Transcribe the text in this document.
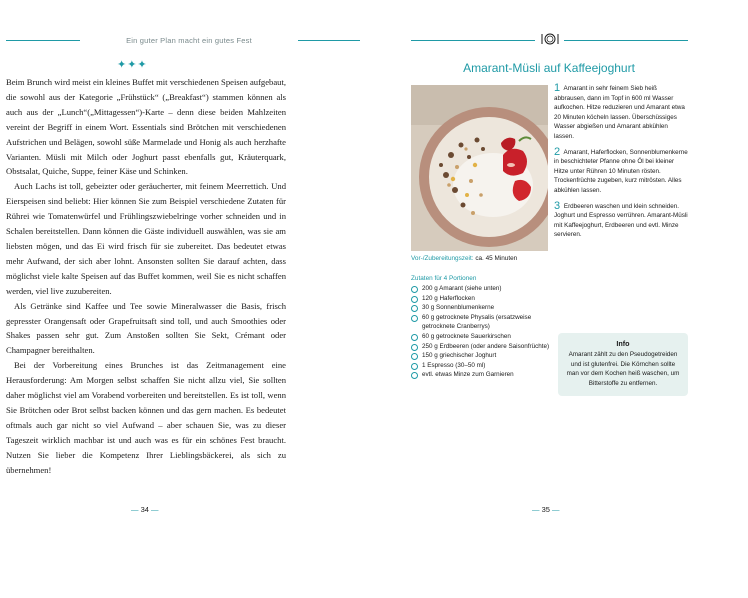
Ein guter Plan macht ein gutes Fest
✦✦✦

Beim Brunch wird meist ein kleines Buffet mit verschiedenen Speisen aufgebaut, die sowohl aus der Kategorie „Frühstück“ („Breakfast“) stammen können als auch aus der „Lunch“(„Mittagessen“)-Karte – denn diese beiden Mahlzeiten vereint der Begriff in einem Wort. Essentials sind Brötchen mit verschiedenen Aufstrichen und Belägen, sowohl süße Marmelade und Honig als auch herzhafte Varianten. Müsli mit Milch oder Joghurt passt ebenfalls gut, Kräuterquark, Obstsalat, Quiche, Suppe, feiner Käse und Schinken.

Auch Lachs ist toll, gebeizter oder geräucherter, mit feinem Meerrettich. Und Eierspeisen sind beliebt: Hier können Sie zum Beispiel verschiedene Zutaten für Rührei wie Tomatenwürfel und Frühlingszwiebelringe vorher schneiden und in Schalen bereitstellen. Dann können die Gäste individuell auswählen, was sie am liebsten mögen, und das Ei wird frisch für sie zubereitet. Das bedeutet etwas mehr Aufwand, der sich aber lohnt. Ansonsten sollten Sie darauf achten, dass möglichst viele kalte Speisen auf das Buffet kommen, weil Sie es nicht schaffen werden, viel live zuzubereiten.

Als Getränke sind Kaffee und Tee sowie Mineralwasser die Basis, frisch gepresster Orangensaft oder Grapefruitsaft sind toll, und auch Smoothies oder Shakes passen sehr gut. Zum Anstoßen sollten Sie Sekt, Crémant oder Champagner bereithalten.

Bei der Vorbereitung eines Brunches ist das Zeitmanagement eine Herausforderung: Am Morgen selbst schaffen Sie nicht allzu viel, Sie sollten daher möglichst viel am Vorabend vorbereiten und bereitstellen. Es ist toll, wenn Sie Brötchen oder Brot selbst backen können und das gern machen. Es bedeutet oftmals auch gar nicht so viel Aufwand – aber schauen Sie, was zu dieser Tageszeit wirklich machbar ist und auch was es für ein schönes Fest braucht. Nutzen Sie lieber die Kompetenz Ihrer Lieblingsbäckerei, als sich zu übernehmen!

— 34 —
Amarant-Müsli auf Kaffeejoghurt
Vor-/Zubereitungszeit: ca. 45 Minuten
Zutaten für 4 Portionen
200 g Amarant (siehe unten)
120 g Haferflocken
30 g Sonnenblumenkerne
60 g getrocknete Physalis (ersatzweise getrocknete Cranberrys)
60 g getrocknete Sauerkirschen
250 g Erdbeeren (oder andere Saisonfrüchte)
150 g griechischer Joghurt
1 Espresso (30–50 ml)
evtl. etwas Minze zum Garnieren
1 Amarant in sehr feinem Sieb heiß abbrausen, dann im Topf in 600 ml Wasser aufkochen. Hitze reduzieren und Amarant etwa 20 Minuten köcheln lassen. Überschüssiges Wasser abgießen und Amarant abkühlen lassen.
2 Amarant, Haferflocken, Sonnenblumenkerne in beschichteter Pfanne ohne Öl bei kleiner Hitze unter Rühren 10 Minuten rösten. Trockenfrüchte zugeben, kurz mitrösten. Alles abkühlen lassen.
3 Erdbeeren waschen und klein schneiden. Joghurt und Espresso verrühren. Amarant-Müsli mit Kaffeejoghurt, Erdbeeren und evtl. Minze servieren.
Info
Amarant zählt zu den Pseudogetreiden und ist glutenfrei. Die Körnchen sollte man vor dem Kochen heiß waschen, um Bitterstoffe zu entfernen.
— 35 —
